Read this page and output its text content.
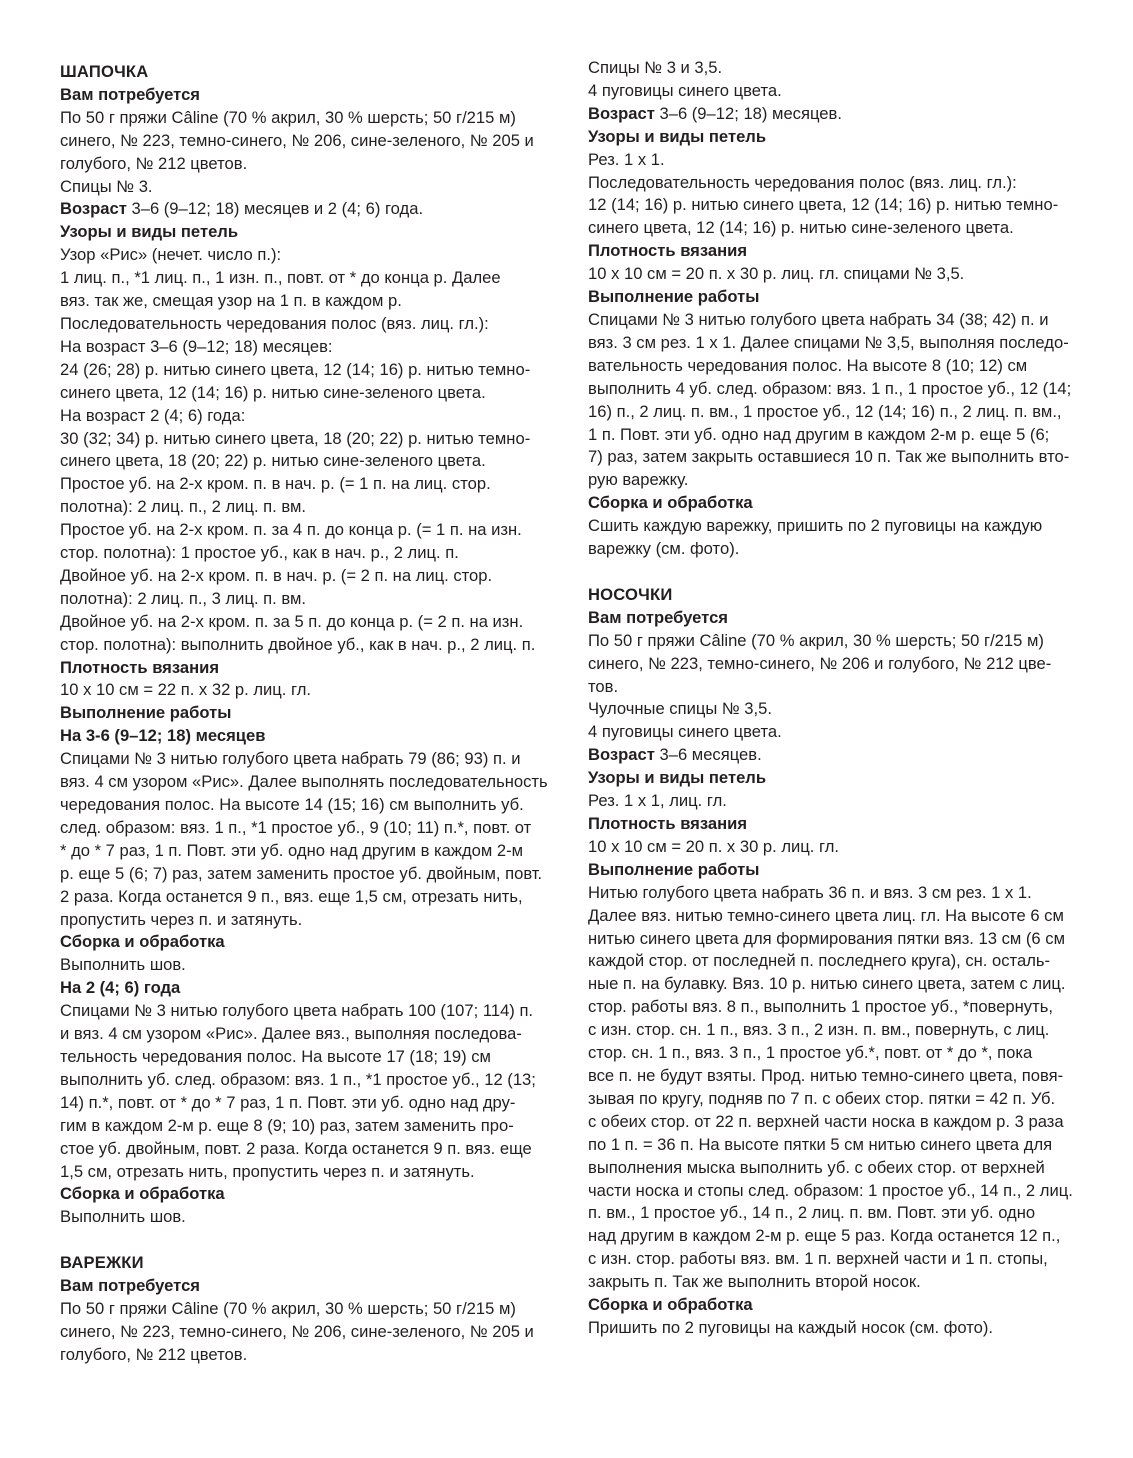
ШАПОЧКА
Вам потребуется
По 50 г пряжи Câline (70 % акрил, 30 % шерсть; 50 г/215 м)
синего, № 223, темно-синего, № 206, сине-зеленого, № 205 и
голубого, № 212 цветов.
Спицы № 3.
Возраст 3–6 (9–12; 18) месяцев и 2 (4; 6) года.
Узоры и виды петель
Узор «Рис» (нечет. число п.):
1 лиц. п., *1 лиц. п., 1 изн. п., повт. от * до конца р. Далее
вяз. так же, смещая узор на 1 п. в каждом р.
Последовательность чередования полос (вяз. лиц. гл.):
На возраст 3–6 (9–12; 18) месяцев:
24 (26; 28) р. нитью синего цвета, 12 (14; 16) р. нитью темно-
синего цвета, 12 (14; 16) р. нитью сине-зеленого цвета.
На возраст 2 (4; 6) года:
30 (32; 34) р. нитью синего цвета, 18 (20; 22) р. нитью темно-
синего цвета, 18 (20; 22) р. нитью сине-зеленого цвета.
Простое уб. на 2-х кром. п. в нач. р. (= 1 п. на лиц. стор.
полотна): 2 лиц. п., 2 лиц. п. вм.
Простое уб. на 2-х кром. п. за 4 п. до конца р. (= 1 п. на изн.
стор. полотна): 1 простое уб., как в нач. р., 2 лиц. п.
Двойное уб. на 2-х кром. п. в нач. р. (= 2 п. на лиц. стор.
полотна): 2 лиц. п., 3 лиц. п. вм.
Двойное уб. на 2-х кром. п. за 5 п. до конца р. (= 2 п. на изн.
стор. полотна): выполнить двойное уб., как в нач. р., 2 лиц. п.
Плотность вязания
10 х 10 см = 22 п. х 32 р. лиц. гл.
Выполнение работы
На 3-6 (9–12; 18) месяцев
Спицами № 3 нитью голубого цвета набрать 79 (86; 93) п. и
вяз. 4 см узором «Рис». Далее выполнять последовательность
чередования полос. На высоте 14 (15; 16) см выполнить уб.
след. образом: вяз. 1 п., *1 простое уб., 9 (10; 11) п.*, повт. от
* до * 7 раз, 1 п. Повт. эти уб. одно над другим в каждом 2-м
р. еще 5 (6; 7) раз, затем заменить простое уб. двойным, повт.
2 раза. Когда останется 9 п., вяз. еще 1,5 см, отрезать нить,
пропустить через п. и затянуть.
Сборка и обработка
Выполнить шов.
На 2 (4; 6) года
Спицами № 3 нитью голубого цвета набрать 100 (107; 114) п.
и вяз. 4 см узором «Рис». Далее вяз., выполняя последова-
тельность чередования полос. На высоте 17 (18; 19) см
выполнить уб. след. образом: вяз. 1 п., *1 простое уб., 12 (13;
14) п.*, повт. от * до * 7 раз, 1 п. Повт. эти уб. одно над дру-
гим в каждом 2-м р. еще 8 (9; 10) раз, затем заменить про-
стое уб. двойным, повт. 2 раза. Когда останется 9 п. вяз. еще
1,5 см, отрезать нить, пропустить через п. и затянуть.
Сборка и обработка
Выполнить шов.
ВАРЕЖКИ
Вам потребуется
По 50 г пряжи Câline (70 % акрил, 30 % шерсть; 50 г/215 м)
синего, № 223, темно-синего, № 206, сине-зеленого, № 205 и
голубого, № 212 цветов.
Спицы № 3 и 3,5.
4 пуговицы синего цвета.
Возраст 3–6 (9–12; 18) месяцев.
Узоры и виды петель
Рез. 1 х 1.
Последовательность чередования полос (вяз. лиц. гл.):
12 (14; 16) р. нитью синего цвета, 12 (14; 16) р. нитью темно-
синего цвета, 12 (14; 16) р. нитью сине-зеленого цвета.
Плотность вязания
10 х 10 см = 20 п. х 30 р. лиц. гл. спицами № 3,5.
Выполнение работы
Спицами № 3 нитью голубого цвета набрать 34 (38; 42) п. и
вяз. 3 см рез. 1 х 1. Далее спицами № 3,5, выполняя последо-
вательность чередования полос. На высоте 8 (10; 12) см
выполнить 4 уб. след. образом: вяз. 1 п., 1 простое уб., 12 (14;
16) п., 2 лиц. п. вм., 1 простое уб., 12 (14; 16) п., 2 лиц. п. вм.,
1 п. Повт. эти уб. одно над другим в каждом 2-м р. еще 5 (6;
7) раз, затем закрыть оставшиеся 10 п. Так же выполнить вто-
рую варежку.
Сборка и обработка
Сшить каждую варежку, пришить по 2 пуговицы на каждую
варежку (см. фото).
НОСОЧКИ
Вам потребуется
По 50 г пряжи Câline (70 % акрил, 30 % шерсть; 50 г/215 м)
синего, № 223, темно-синего, № 206 и голубого, № 212 цве-
тов.
Чулочные спицы № 3,5.
4 пуговицы синего цвета.
Возраст 3–6 месяцев.
Узоры и виды петель
Рез. 1 х 1, лиц. гл.
Плотность вязания
10 х 10 см = 20 п. х 30 р. лиц. гл.
Выполнение работы
Нитью голубого цвета набрать 36 п. и вяз. 3 см рез. 1 х 1.
Далее вяз. нитью темно-синего цвета лиц. гл. На высоте 6 см
нитью синего цвета для формирования пятки вяз. 13 см (6 см
каждой стор. от последней п. последнего круга), сн. осталь-
ные п. на булавку. Вяз. 10 р. нитью синего цвета, затем с лиц.
стор. работы вяз. 8 п., выполнить 1 простое уб., *повернуть,
с изн. стор. сн. 1 п., вяз. 3 п., 2 изн. п. вм., повернуть, с лиц.
стор. сн. 1 п., вяз. 3 п., 1 простое уб.*, повт. от * до *, пока
все п. не будут взяты. Прод. нитью темно-синего цвета, повя-
зывая по кругу, подняв по 7 п. с обеих стор. пятки = 42 п. Уб.
с обеих стор. от 22 п. верхней части носка в каждом р. 3 раза
по 1 п. = 36 п. На высоте пятки 5 см нитью синего цвета для
выполнения мыска выполнить уб. с обеих стор. от верхней
части носка и стопы след. образом: 1 простое уб., 14 п., 2 лиц.
п. вм., 1 простое уб., 14 п., 2 лиц. п. вм. Повт. эти уб. одно
над другим в каждом 2-м р. еще 5 раз. Когда останется 12 п.,
с изн. стор. работы вяз. вм. 1 п. верхней части и 1 п. стопы,
закрыть п. Так же выполнить второй носок.
Сборка и обработка
Пришить по 2 пуговицы на каждый носок (см. фото).
